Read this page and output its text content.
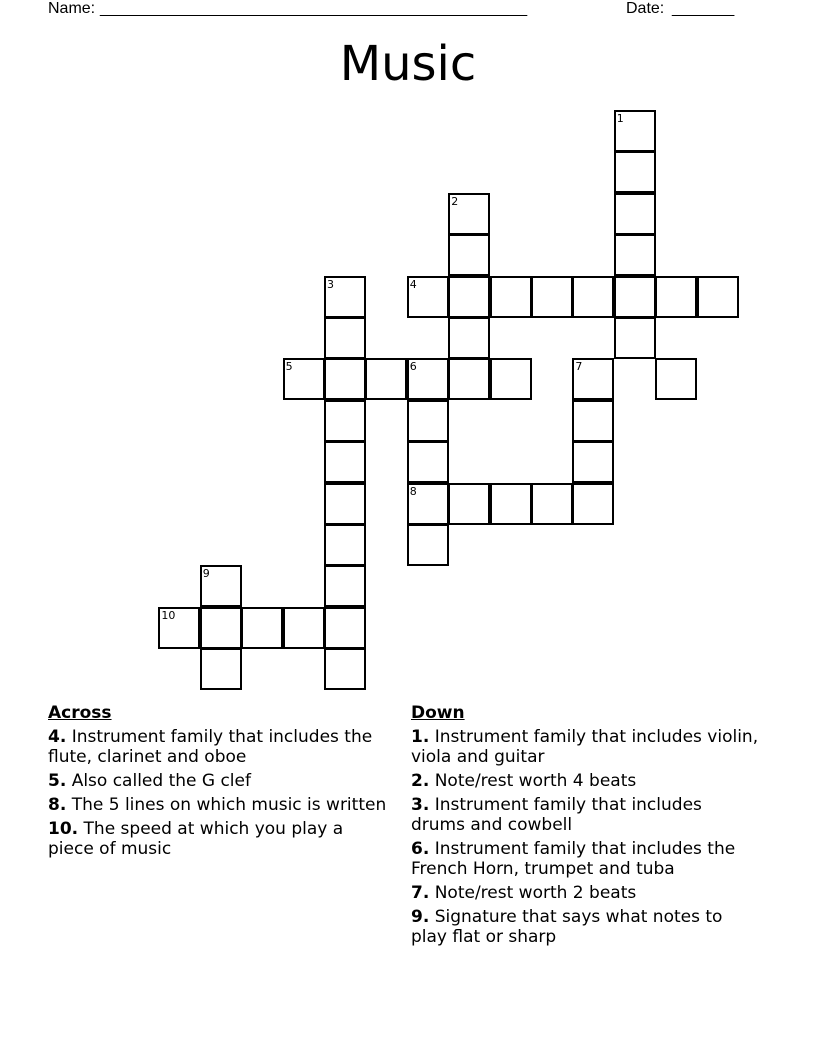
Name: ________________________________________________	Date: _______
Music
1
2
3	4
5	6	7
8
9
10
Across
4. Instrument family that includes the flute, clarinet and oboe
5. Also called the G clef
8. The 5 lines on which music is written
10. The speed at which you play a piece of music
Down
1. Instrument family that includes violin, viola and guitar
2. Note/rest worth 4 beats
3. Instrument family that includes drums and cowbell
6. Instrument family that includes the French Horn, trumpet and tuba
7. Note/rest worth 2 beats
9. Signature that says what notes to play flat or sharp
